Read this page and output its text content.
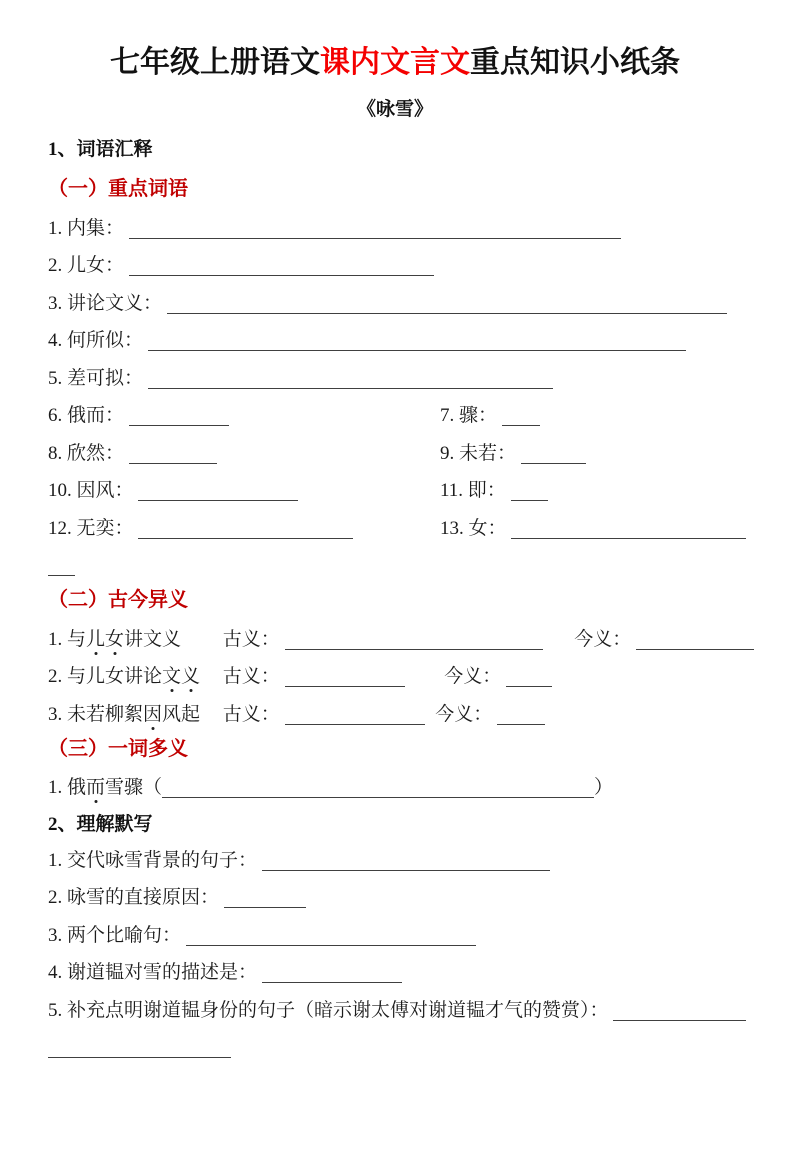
七年级上册语文课内文言文重点知识小纸条
《咏雪》
1、词语汇释
（一）重点词语
1. 内集：
2. 儿女：
3. 讲论文义：
4. 何所似：
5. 差可拟：
6. 俄而：	7. 骤：
8. 欣然：	9. 未若：
10. 因风：	11. 即：
12. 无奕：	13. 女：
（二）古今异义
1. 与儿女讲文义 古义：	今义：
2. 与儿女讲论文义 古义：	今义：
3. 未若柳絮因风起 古义：	今义：
（三）一词多义
1. 俄而雪骤（	）
2、理解默写
1. 交代咏雪背景的句子：
2. 咏雪的直接原因：
3. 两个比喻句：
4. 谢道韫对雪的描述是：
5. 补充点明谢道韫身份的句子（暗示谢太傅对谢道韫才气的赞赏）：
